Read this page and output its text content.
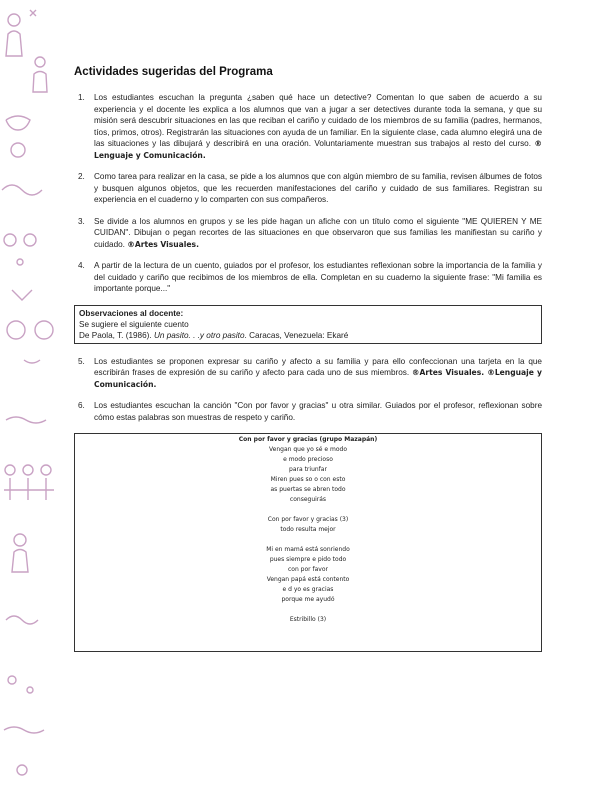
Actividades sugeridas del Programa
1.	Los estudiantes escuchan la pregunta ¿saben qué hace un detective? Comentan lo que saben de acuerdo a su experiencia y el docente les explica a los alumnos que van a jugar a ser detectives durante toda la semana, y que su misión será descubrir situaciones en las que reciban el cariño y cuidado de los miembros de su familia (padres, hermanos, tíos, primos, otros). Registrarán las situaciones con ayuda de un familiar. En la siguiente clase, cada alumno elegirá una de las situaciones y las dibujará y describirá en una oración. Voluntariamente muestran sus trabajos al resto del curso. ® Lenguaje y Comunicación.
2.	Como tarea para realizar en la casa, se pide a los alumnos que con algún miembro de su familia, revisen álbumes de fotos y busquen algunos objetos, que les recuerden manifestaciones del cariño y cuidado de sus familiares. Registran su experiencia en el cuaderno y lo comparten con sus compañeros.
3.	Se divide a los alumnos en grupos y se les pide hagan un afiche con un título como el siguiente "ME QUIEREN Y ME CUIDAN". Dibujan o pegan recortes de las situaciones en que observaron que sus familias les manifiestan su cariño y cuidado. ®Artes Visuales.
4.	A partir de la lectura de un cuento, guiados por el profesor, los estudiantes reflexionan sobre la importancia de la familia y del cuidado y cariño que recibimos de los miembros de ella. Completan en su cuaderno la siguiente frase: "Mi familia es importante porque..."
Observaciones al docente:
Se sugiere el siguiente cuento
De Paola, T. (1986). Un pasito. . .y otro pasito. Caracas, Venezuela: Ekaré
5.	Los estudiantes se proponen expresar su cariño y afecto a su familia y para ello confeccionan una tarjeta en la que escribirán frases de expresión de su cariño y afecto para cada uno de sus miembros. ®Artes Visuales. ®Lenguaje y Comunicación.
6.	Los estudiantes escuchan la canción "Con por favor y gracias" u otra similar. Guiados por el profesor, reflexionan sobre cómo estas palabras son muestras de respeto y cariño.
Con por favor y gracias (grupo Mazapán)
Vengan que yo sé e modo
e modo precioso
para triunfar
Miren pues so o con esto
as puertas se abren todo
conseguirás
Con por favor y gracias (3)
todo resulta mejor
Mi en mamá está sonriendo
pues siempre e pido todo
con por favor
Vengan papá está contento
e d yo es gracias
porque me ayudó
Estribillo (3)
